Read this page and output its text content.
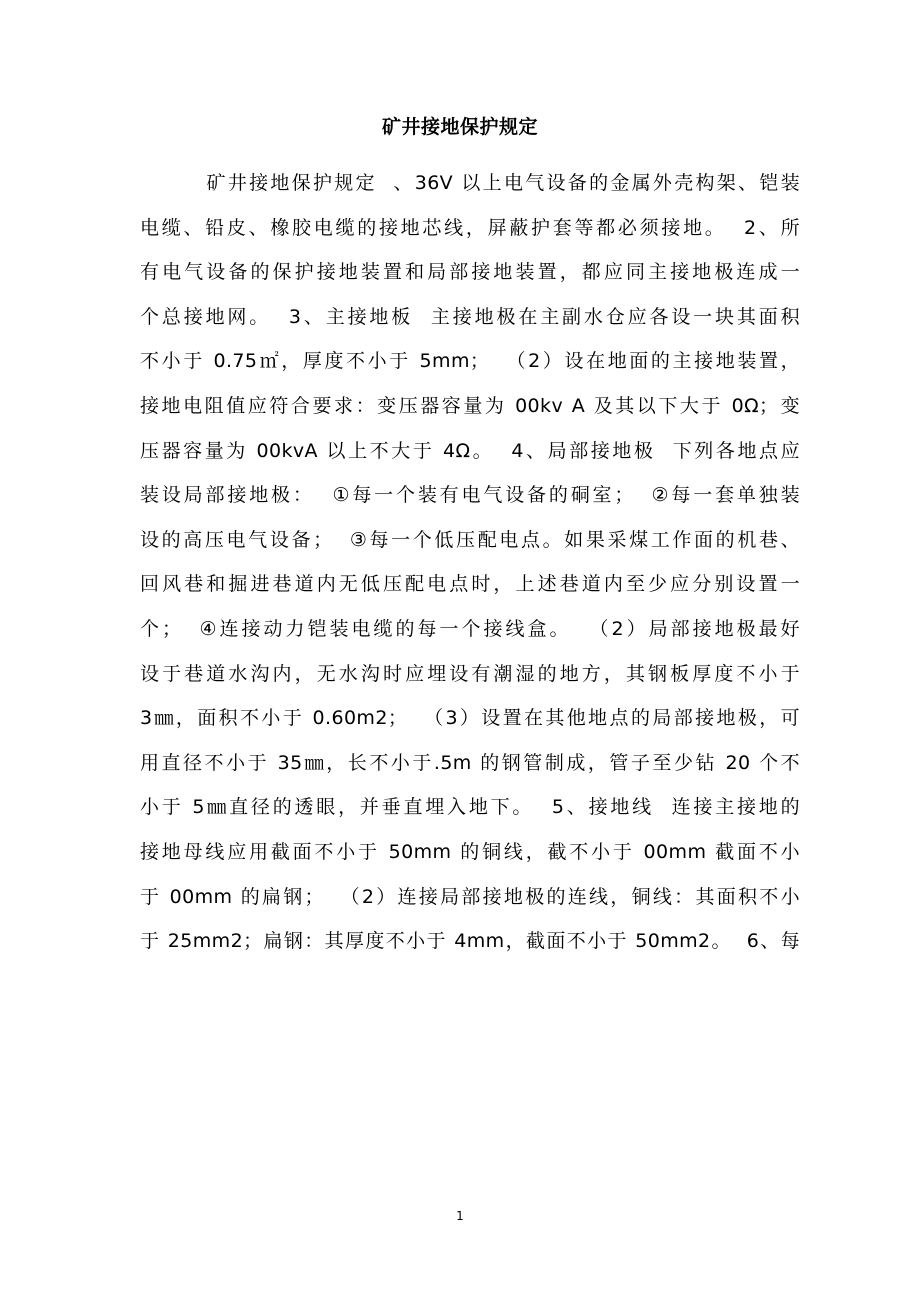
矿井接地保护规定
矿井接地保护规定  、36V 以上电气设备的金属外壳构架、铠装
电缆、铅皮、橡胶电缆的接地芯线，屏蔽护套等都必须接地。  2、所
有电气设备的保护接地装置和局部接地装置，都应同主接地极连成一
个总接地网。  3、主接地板  主接地极在主副水仓应各设一块其面积
不小于 0.75㎡，厚度不小于 5mm；  （2）设在地面的主接地装置，
接地电阻值应符合要求：变压器容量为 00kv A 及其以下大于 0Ω；变
压器容量为 00kvA 以上不大于 4Ω。  4、局部接地极  下列各地点应
装设局部接地极：  ①每一个装有电气设备的硐室；  ②每一套单独装
设的高压电气设备；  ③每一个低压配电点。如果采煤工作面的机巷、
回风巷和掘进巷道内无低压配电点时，上述巷道内至少应分别设置一
个；  ④连接动力铠装电缆的每一个接线盒。  （2）局部接地极最好
设于巷道水沟内，无水沟时应埋设有潮湿的地方，其钢板厚度不小于
3㎜，面积不小于 0.60m2；  （3）设置在其他地点的局部接地极，可
用直径不小于 35㎜，长不小于.5m 的钢管制成，管子至少钻 20 个不
小于 5㎜直径的透眼，并垂直埋入地下。  5、接地线  连接主接地的
接地母线应用截面不小于 50mm 的铜线，截不小于 00mm 截面不小
于 00mm 的扁钢；  （2）连接局部接地极的连线，铜线：其面积不小
于 25mm2；扁钢：其厚度不小于 4mm，截面不小于 50mm2。  6、每
1
